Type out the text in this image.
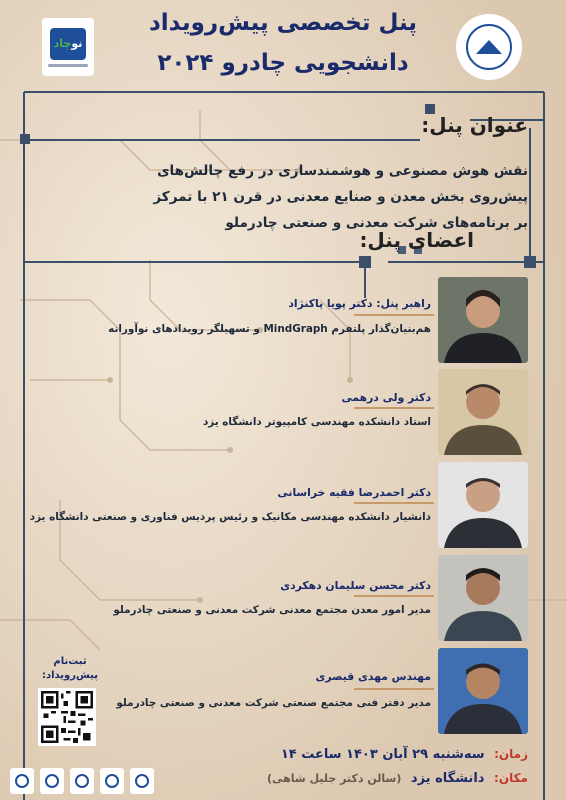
نو
چاد
پنل تخصصی پیش‌رویداد
دانشجویی چادرو ۲۰۲۴
عنوان پنل:
نقش هوش مصنوعی و هوشمندسازی در رفع چالش‌های
پیش‌روی بخش معدن و صنایع معدنی در قرن ۲۱ با تمرکز
بر برنامه‌های شرکت معدنی و صنعتی چادرملو
اعضای پنل:
راهبر پنل: دکتر پویا پاکنژاد
هم‌بنیان‌گذار پلتفرم MindGraph و تسهیلگر رویدادهای نوآورانه
دکتر ولی درهمی
استاد دانشکده مهندسی کامپیوتر دانشگاه یزد
دکتر احمدرضا فقیه خراسانی
دانشیار دانشکده مهندسی مکانیک و رئیس پردیس فناوری و صنعتی دانشگاه یزد
دکتر محسن سلیمان دهکردی
مدیر امور معدن مجتمع معدنی شرکت معدنی و صنعتی چادرملو
مهندس مهدی قیصری
مدیر دفتر فنی مجتمع صنعتی شرکت معدنی و صنعتی چادرملو
ثبت‌نام
پیش‌رویداد:
زمان: سه‌شنبه ۲۹ آبان ۱۴۰۳ ساعت ۱۴
مکان: دانشگاه یزد (سالن دکتر جلیل شاهی)
